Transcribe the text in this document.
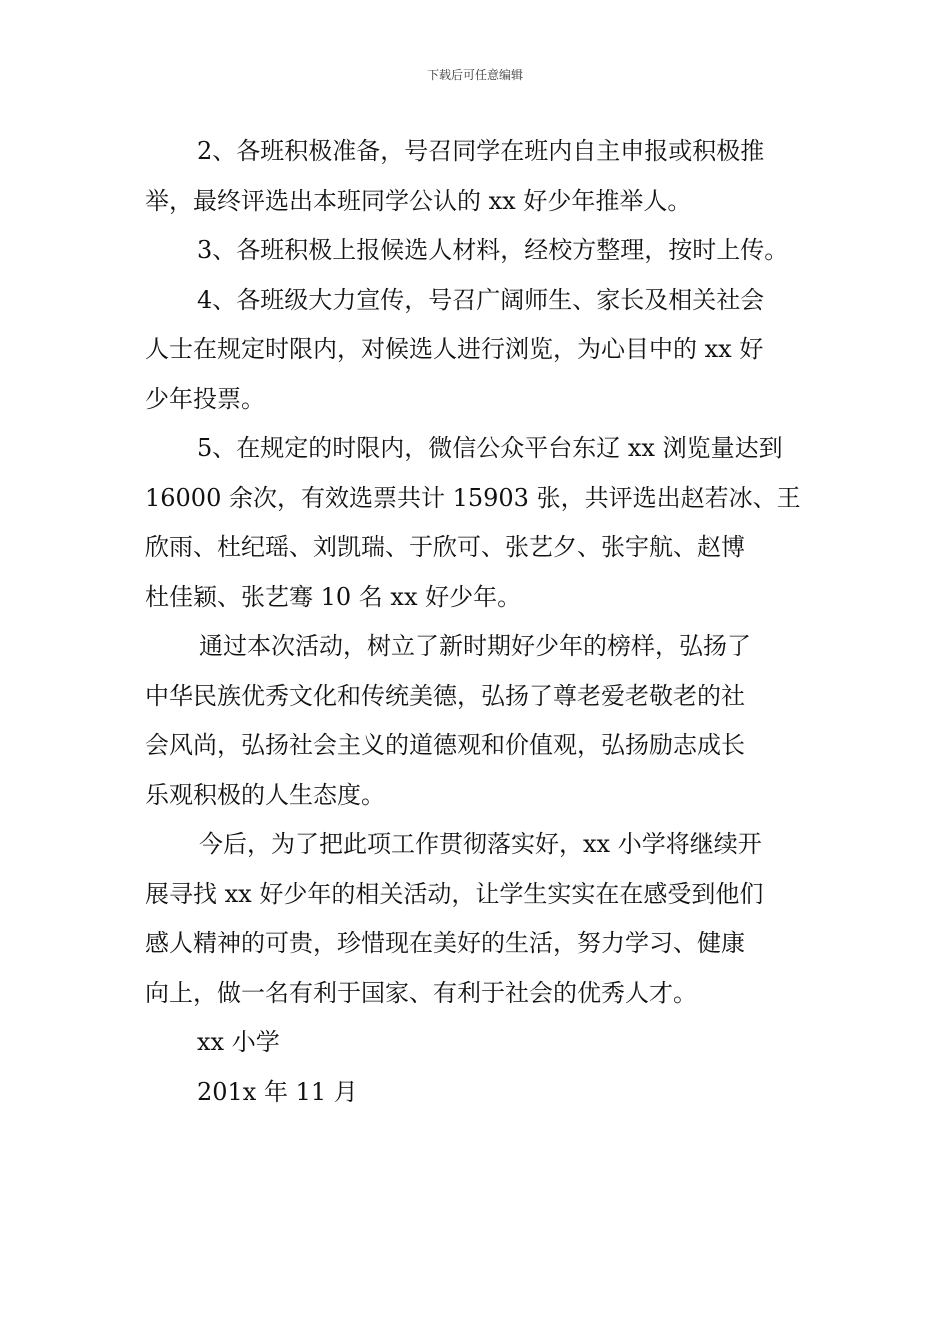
下载后可任意编辑

2、各班积极准备，号召同学在班内自主申报或积极推
举，最终评选出本班同学公认的 xx 好少年推举人。

3、各班积极上报候选人材料，经校方整理，按时上传。

4、各班级大力宣传，号召广阔师生、家长及相关社会
人士在规定时限内，对候选人进行浏览，为心目中的 xx 好
少年投票。

5、在规定的时限内，微信公众平台东辽 xx 浏览量达到
16000 余次，有效选票共计 15903 张，共评选出赵若冰、王
欣雨、杜纪瑶、刘凯瑞、于欣可、张艺夕、张宇航、赵博
杜佳颖、张艺骞 10 名 xx 好少年。

通过本次活动，树立了新时期好少年的榜样，弘扬了
中华民族优秀文化和传统美德，弘扬了尊老爱老敬老的社
会风尚，弘扬社会主义的道德观和价值观，弘扬励志成长
乐观积极的人生态度。

今后，为了把此项工作贯彻落实好，xx 小学将继续开
展寻找 xx 好少年的相关活动，让学生实实在在感受到他们
感人精神的可贵，珍惜现在美好的生活，努力学习、健康
向上，做一名有利于国家、有利于社会的优秀人才。

xx 小学

201x 年 11 月
